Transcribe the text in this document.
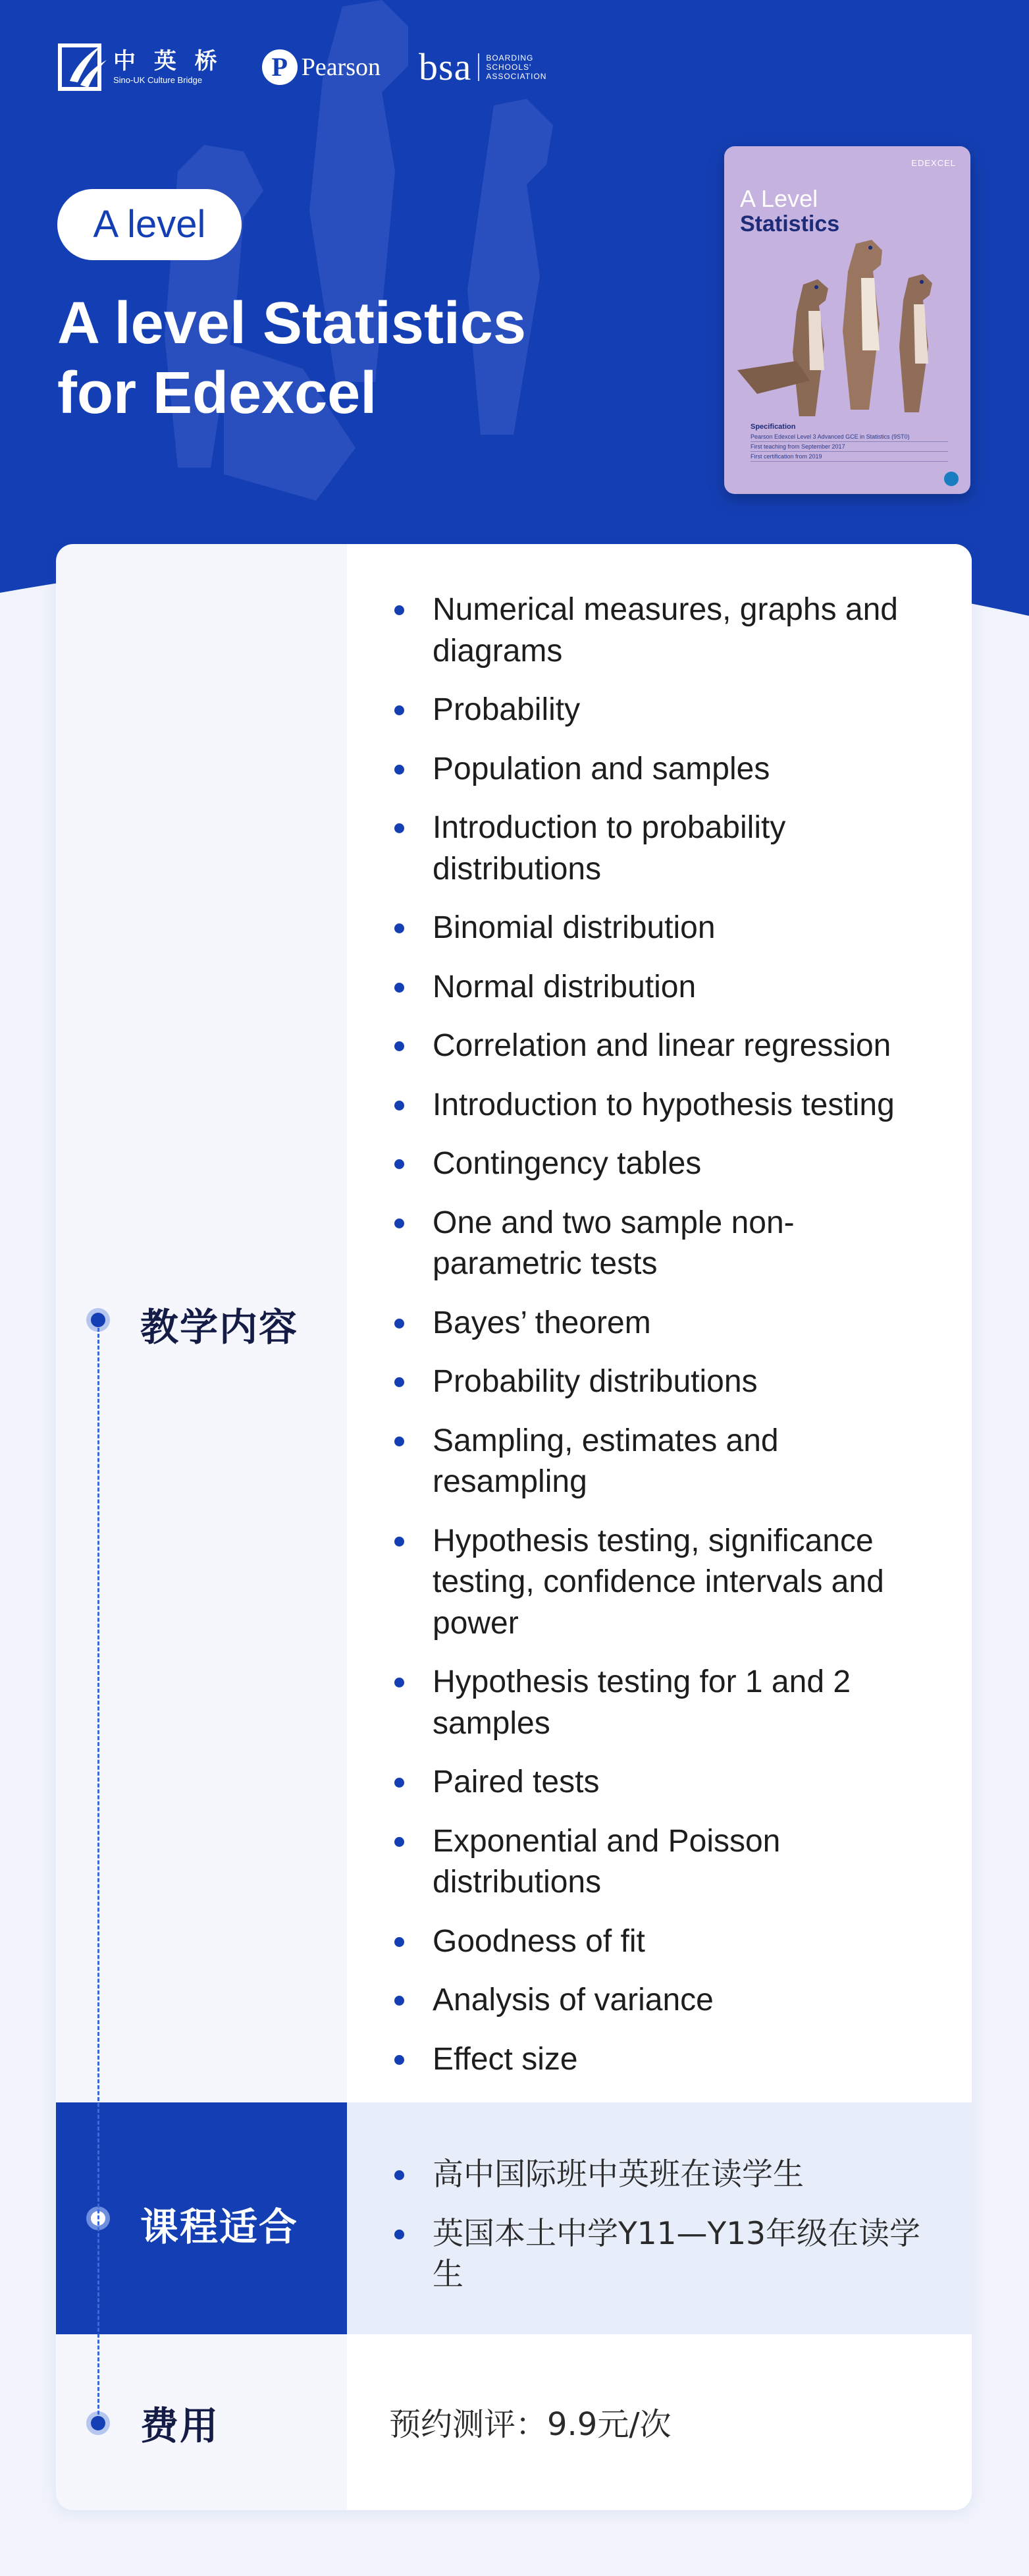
中 英 桥
Sino-UK Culture Bridge	P Pearson bsa BOARDING
SCHOOLS'
ASSOCIATION
A level
A level Statistics
for Edexcel
EDEXCEL
A Level
Statistics
Specification
Pearson Edexcel Level 3 Advanced GCE in Statistics (9ST0)
First teaching from September 2017
First certification from 2019
教学内容
Numerical measures, graphs and diagrams
Probability
Population and samples
Introduction to probability distributions
Binomial distribution
Normal distribution
Correlation and linear regression
Introduction to hypothesis testing
Contingency tables
One and two sample non-parametric tests
Bayes’ theorem
Probability distributions
Sampling, estimates and resampling
Hypothesis testing, significance testing, confidence intervals and power
Hypothesis testing for 1 and 2 samples
Paired tests
Exponential and Poisson distributions
Goodness of fit
Analysis of variance
Effect size
课程适合
高中国际班中英班在读学生
英国本土中学Y11—Y13年级在读学生
费用	预约测评：9.9元/次
